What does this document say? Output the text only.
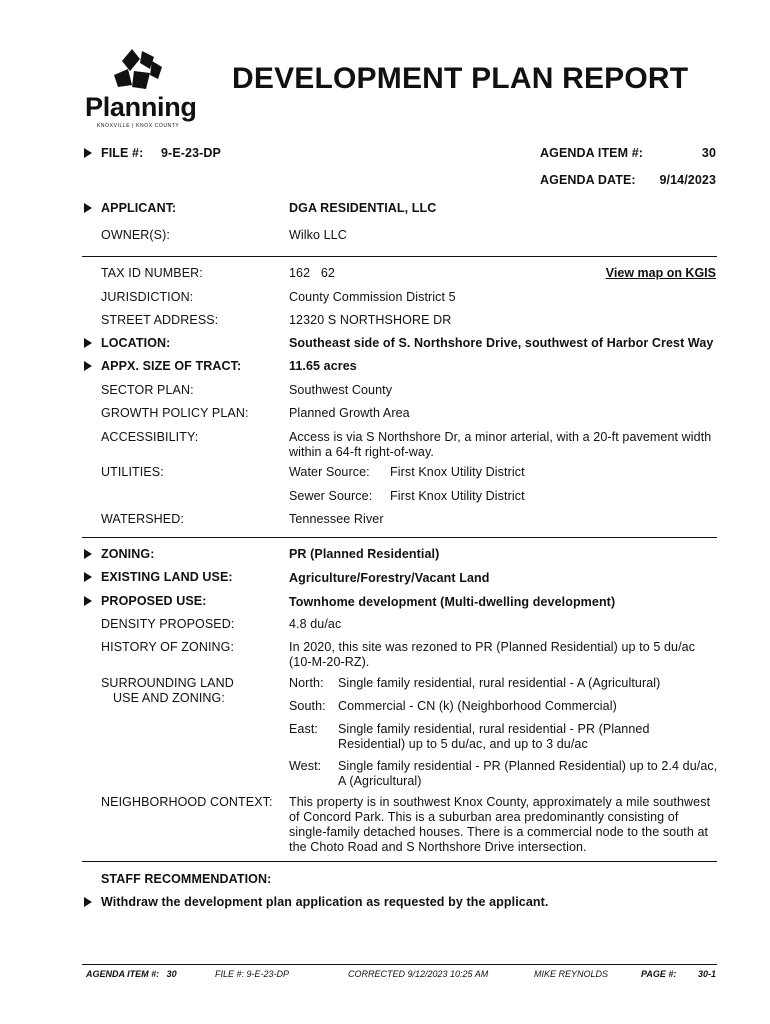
Planning
KNOXVILLE | KNOX COUNTY
DEVELOPMENT PLAN REPORT
FILE #: 9-E-23-DP	AGENDA ITEM #:	30
AGENDA DATE: 9/14/2023
APPLICANT:	DGA RESIDENTIAL, LLC
OWNER(S):	Wilko LLC
TAX ID NUMBER:	162   62	View map on KGIS
JURISDICTION:	County Commission District 5
STREET ADDRESS:	12320 S NORTHSHORE DR
LOCATION:	Southeast side of S. Northshore Drive, southwest of Harbor Crest Way
APPX. SIZE OF TRACT:	11.65 acres
SECTOR PLAN:	Southwest County
GROWTH POLICY PLAN:	Planned Growth Area
ACCESSIBILITY:	Access is via S Northshore Dr, a minor arterial, with a 20-ft pavement width within a 64-ft right-of-way.
UTILITIES:	Water Source: First Knox Utility District
Sewer Source: First Knox Utility District
WATERSHED:	Tennessee River
ZONING:	PR (Planned Residential)
EXISTING LAND USE:	Agriculture/Forestry/Vacant Land
PROPOSED USE:	Townhome development (Multi-dwelling development)
DENSITY PROPOSED:	4.8 du/ac
HISTORY OF ZONING:	In 2020, this site was rezoned to PR (Planned Residential) up to 5 du/ac (10-M-20-RZ).
SURROUNDING LAND
USE AND ZONING:
North: Single family residential, rural residential - A (Agricultural)
South: Commercial - CN (k) (Neighborhood Commercial)
East: Single family residential, rural residential - PR (Planned Residential) up to 5 du/ac, and up to 3 du/ac
West: Single family residential - PR (Planned Residential) up to 2.4 du/ac, A (Agricultural)
NEIGHBORHOOD CONTEXT: This property is in southwest Knox County, approximately a mile southwest of Concord Park. This is a suburban area predominantly consisting of single-family detached houses. There is a commercial node to the south at the Choto Road and S Northshore Drive intersection.
STAFF RECOMMENDATION:
Withdraw the development plan application as requested by the applicant.
AGENDA ITEM #:   30	FILE #: 9-E-23-DP	CORRECTED 9/12/2023 10:25 AM	MIKE REYNOLDS	PAGE #: 30-1
